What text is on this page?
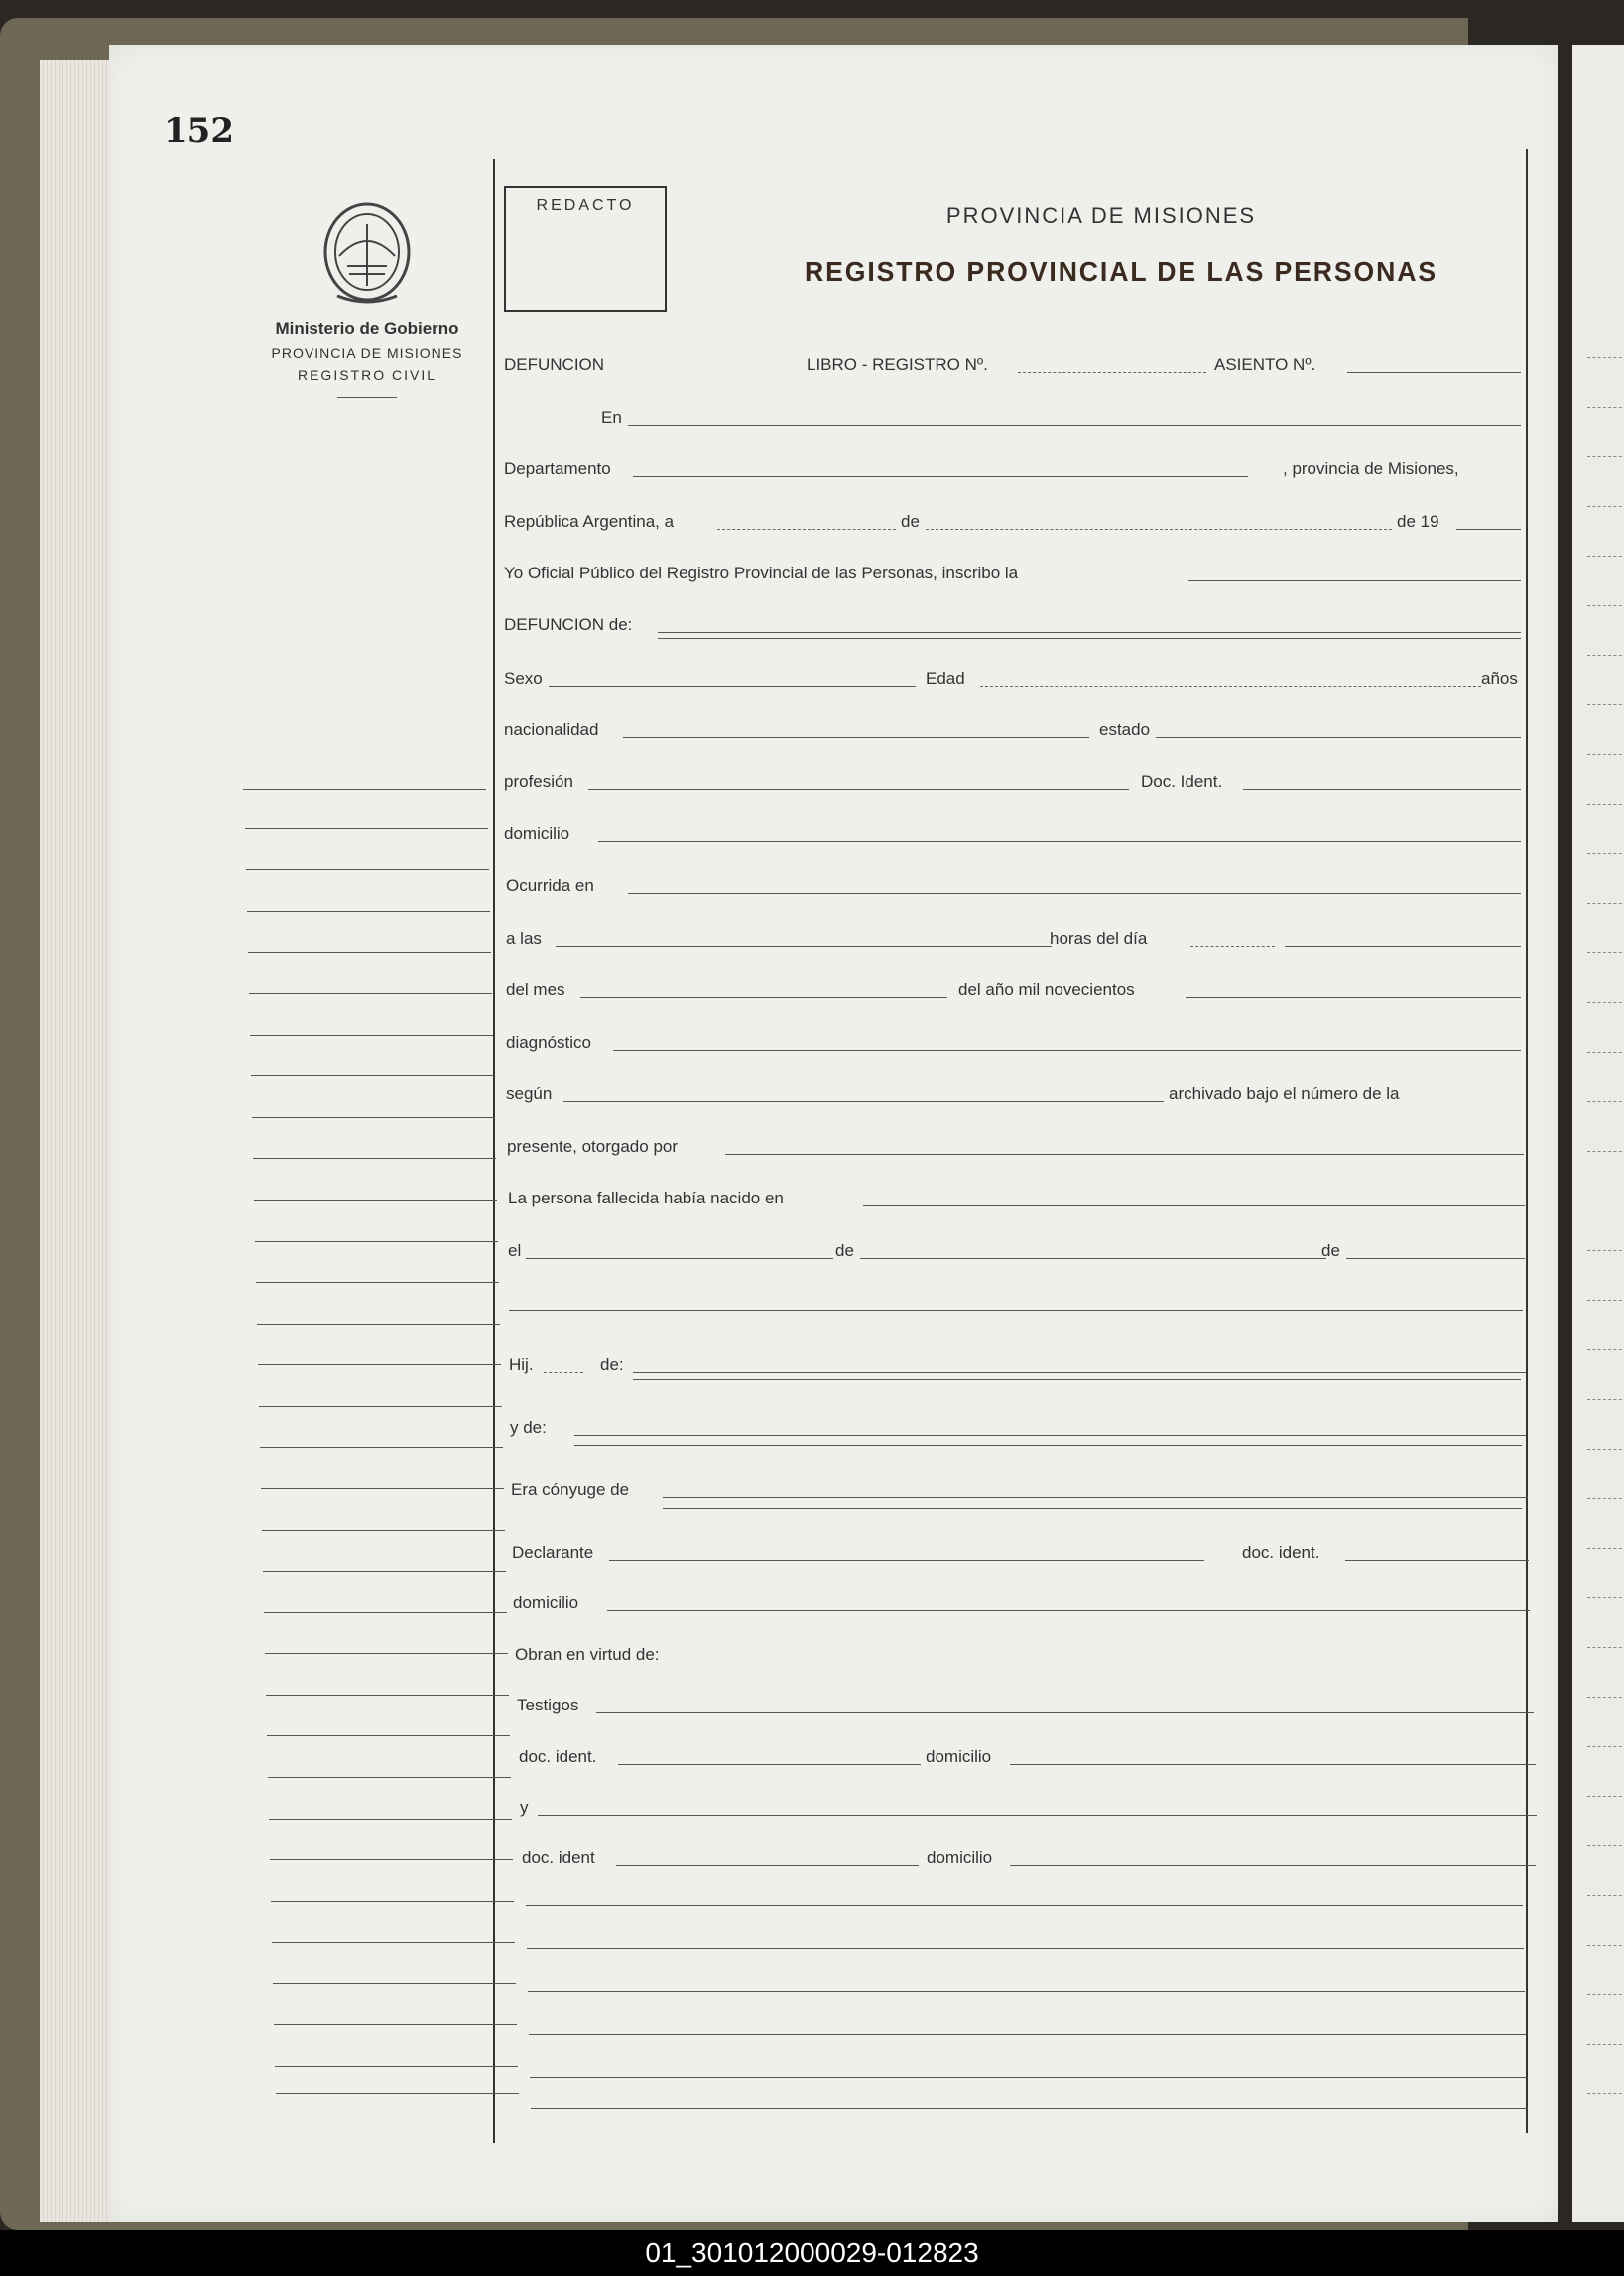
152
Ministerio de Gobierno
PROVINCIA DE MISIONES
REGISTRO CIVIL
REDACTO	PROVINCIA DE MISIONES
REGISTRO PROVINCIAL DE LAS PERSONAS
DEFUNCION	LIBRO - REGISTRO Nº.	ASIENTO Nº.
En
Departamento	, provincia de Misiones,
República Argentina, a	de	de 19
Yo Oficial Público del Registro Provincial de las Personas, inscribo la
DEFUNCION de:
Sexo	Edad	años
nacionalidad	estado
profesión	Doc. Ident.
domicilio
Ocurrida en
a las	horas del día
del mes	del año mil novecientos
diagnóstico
según	archivado bajo el número de la
presente, otorgado por
La persona fallecida había nacido en
el	de	de
Hij.	de:
y de:
Era cónyuge de
Declarante	doc. ident.
domicilio
Obran en virtud de:
Testigos
doc. ident.	domicilio
y
doc. ident	domicilio
01_301012000029-012823
